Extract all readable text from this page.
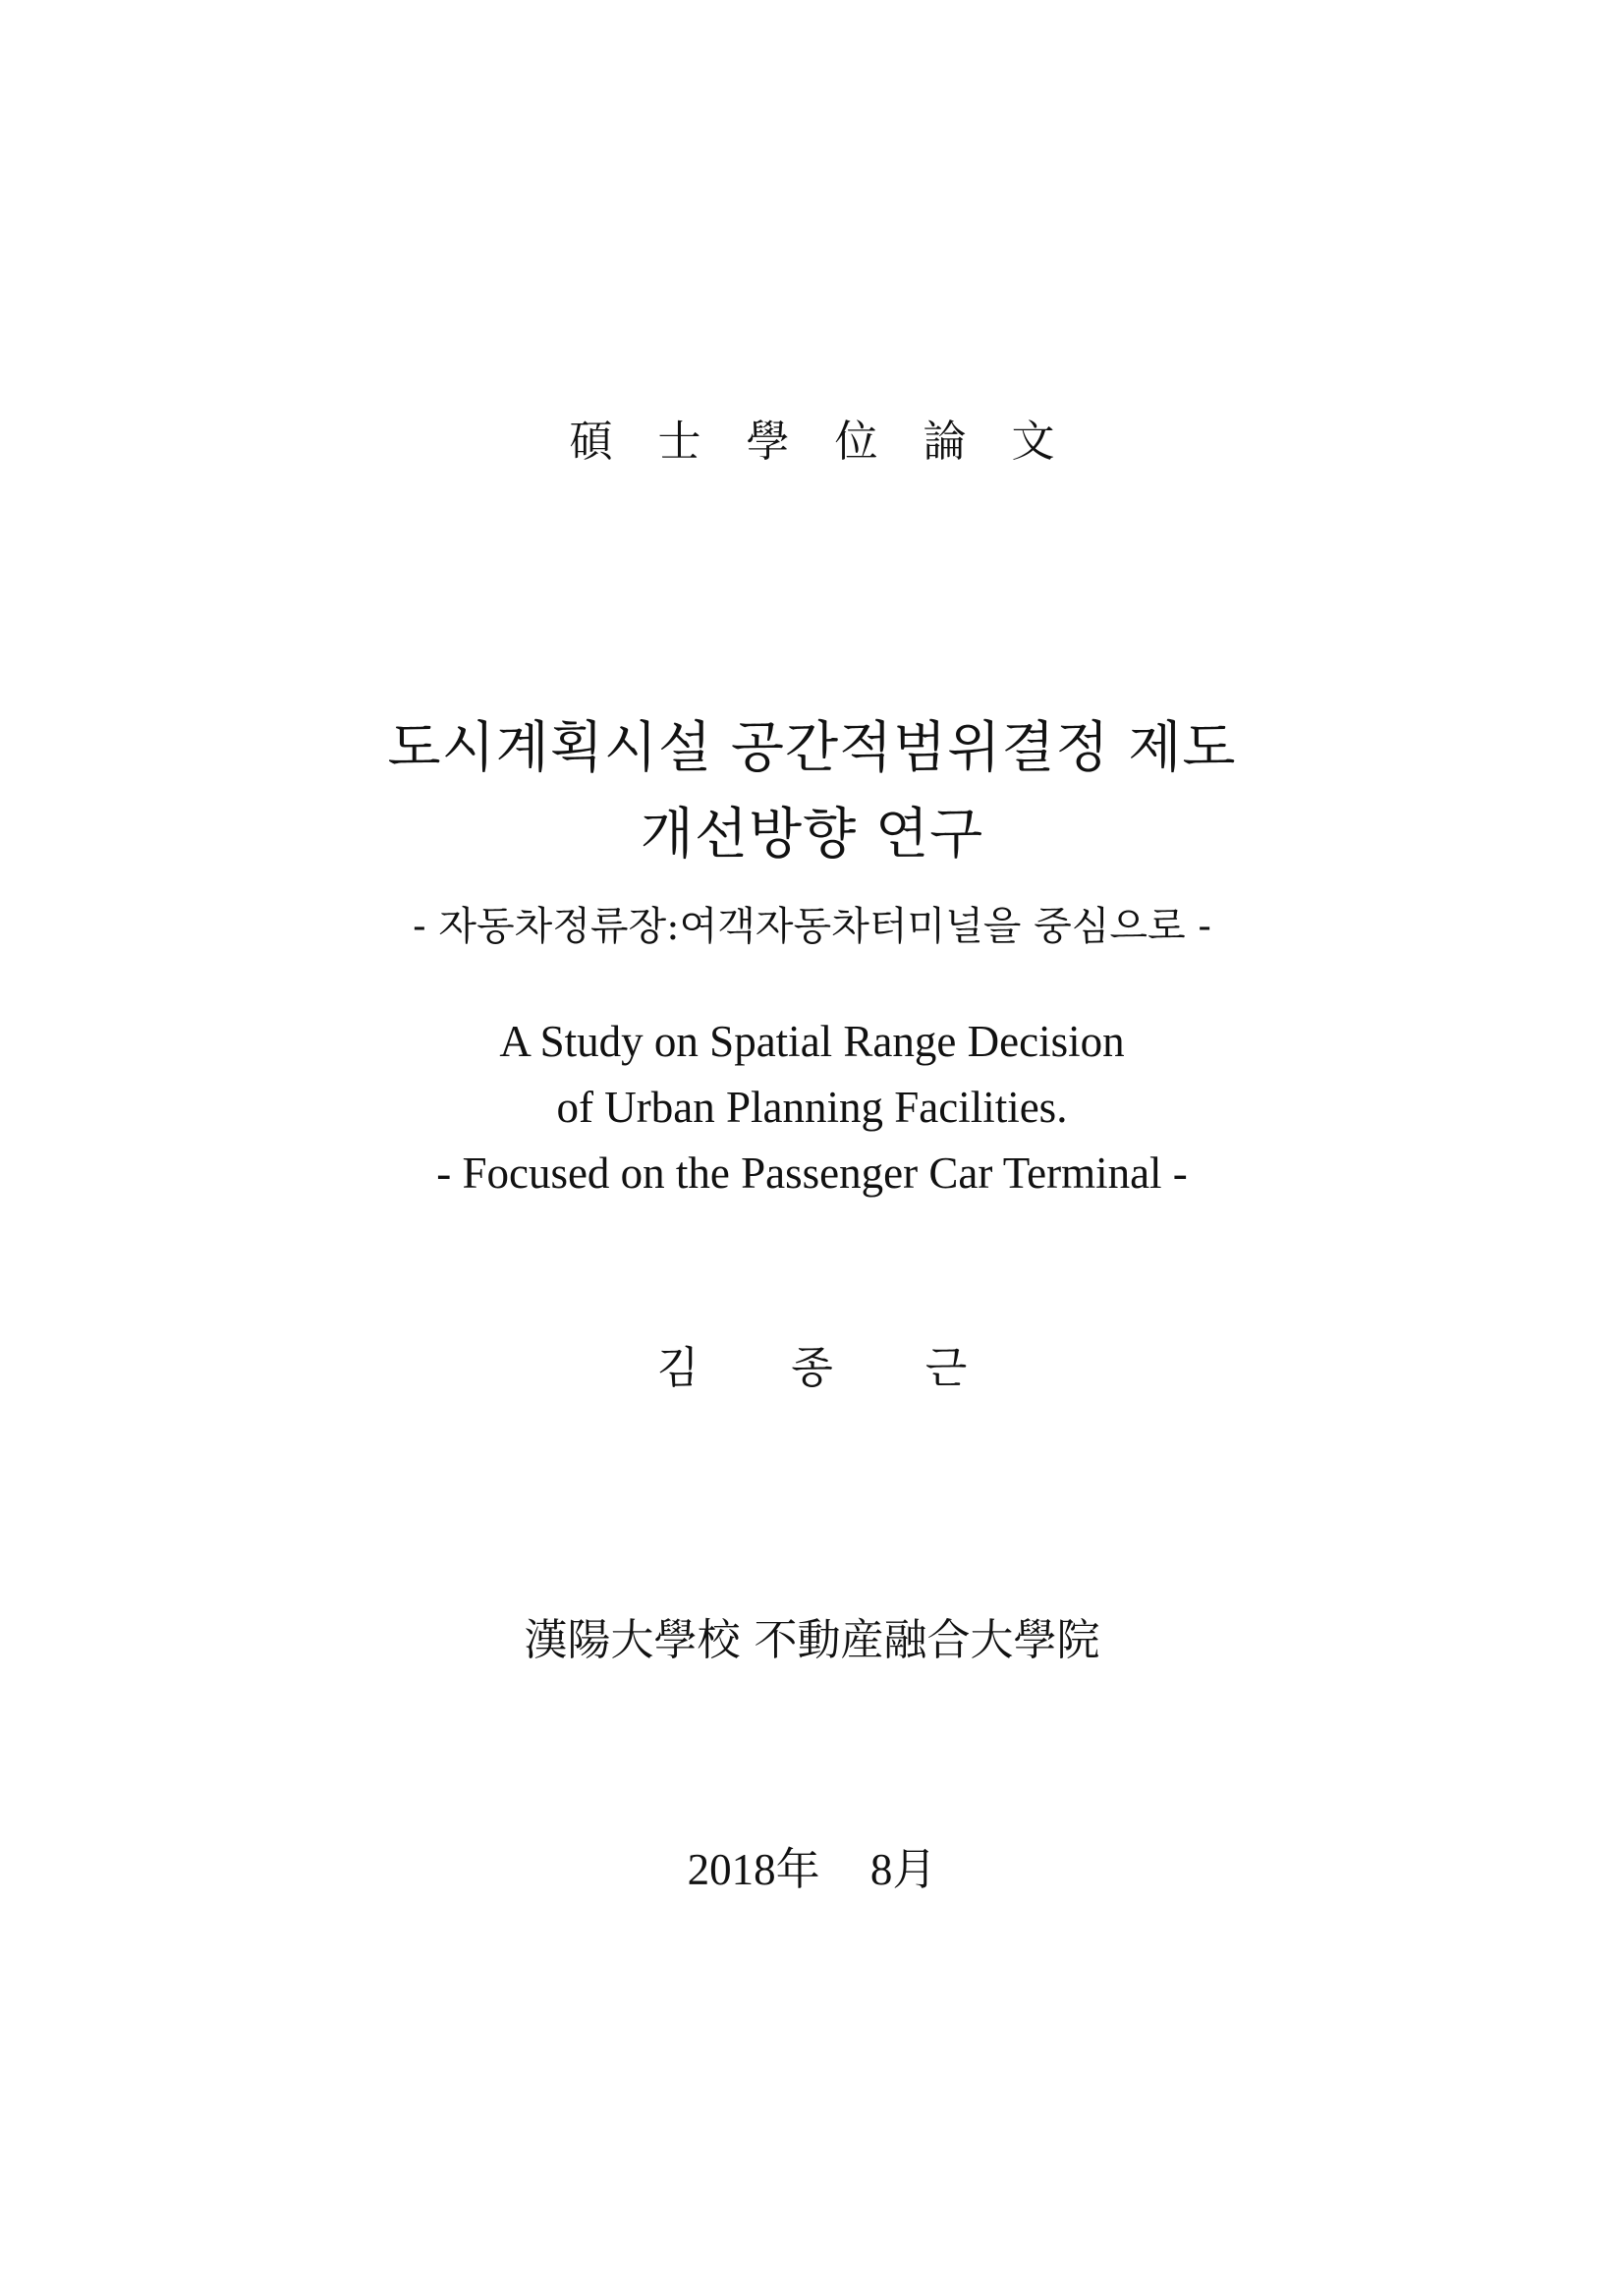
碩 士 學 位 論 文
도시계획시설 공간적범위결정 제도
개선방향 연구
- 자동차정류장:여객자동차터미널을 중심으로 -
A Study on Spatial Range Decision
of Urban Planning Facilities.
- Focused on the Passenger Car Terminal -
김 종 근
漢陽大學校 不動産融合大學院
2018年 8月
